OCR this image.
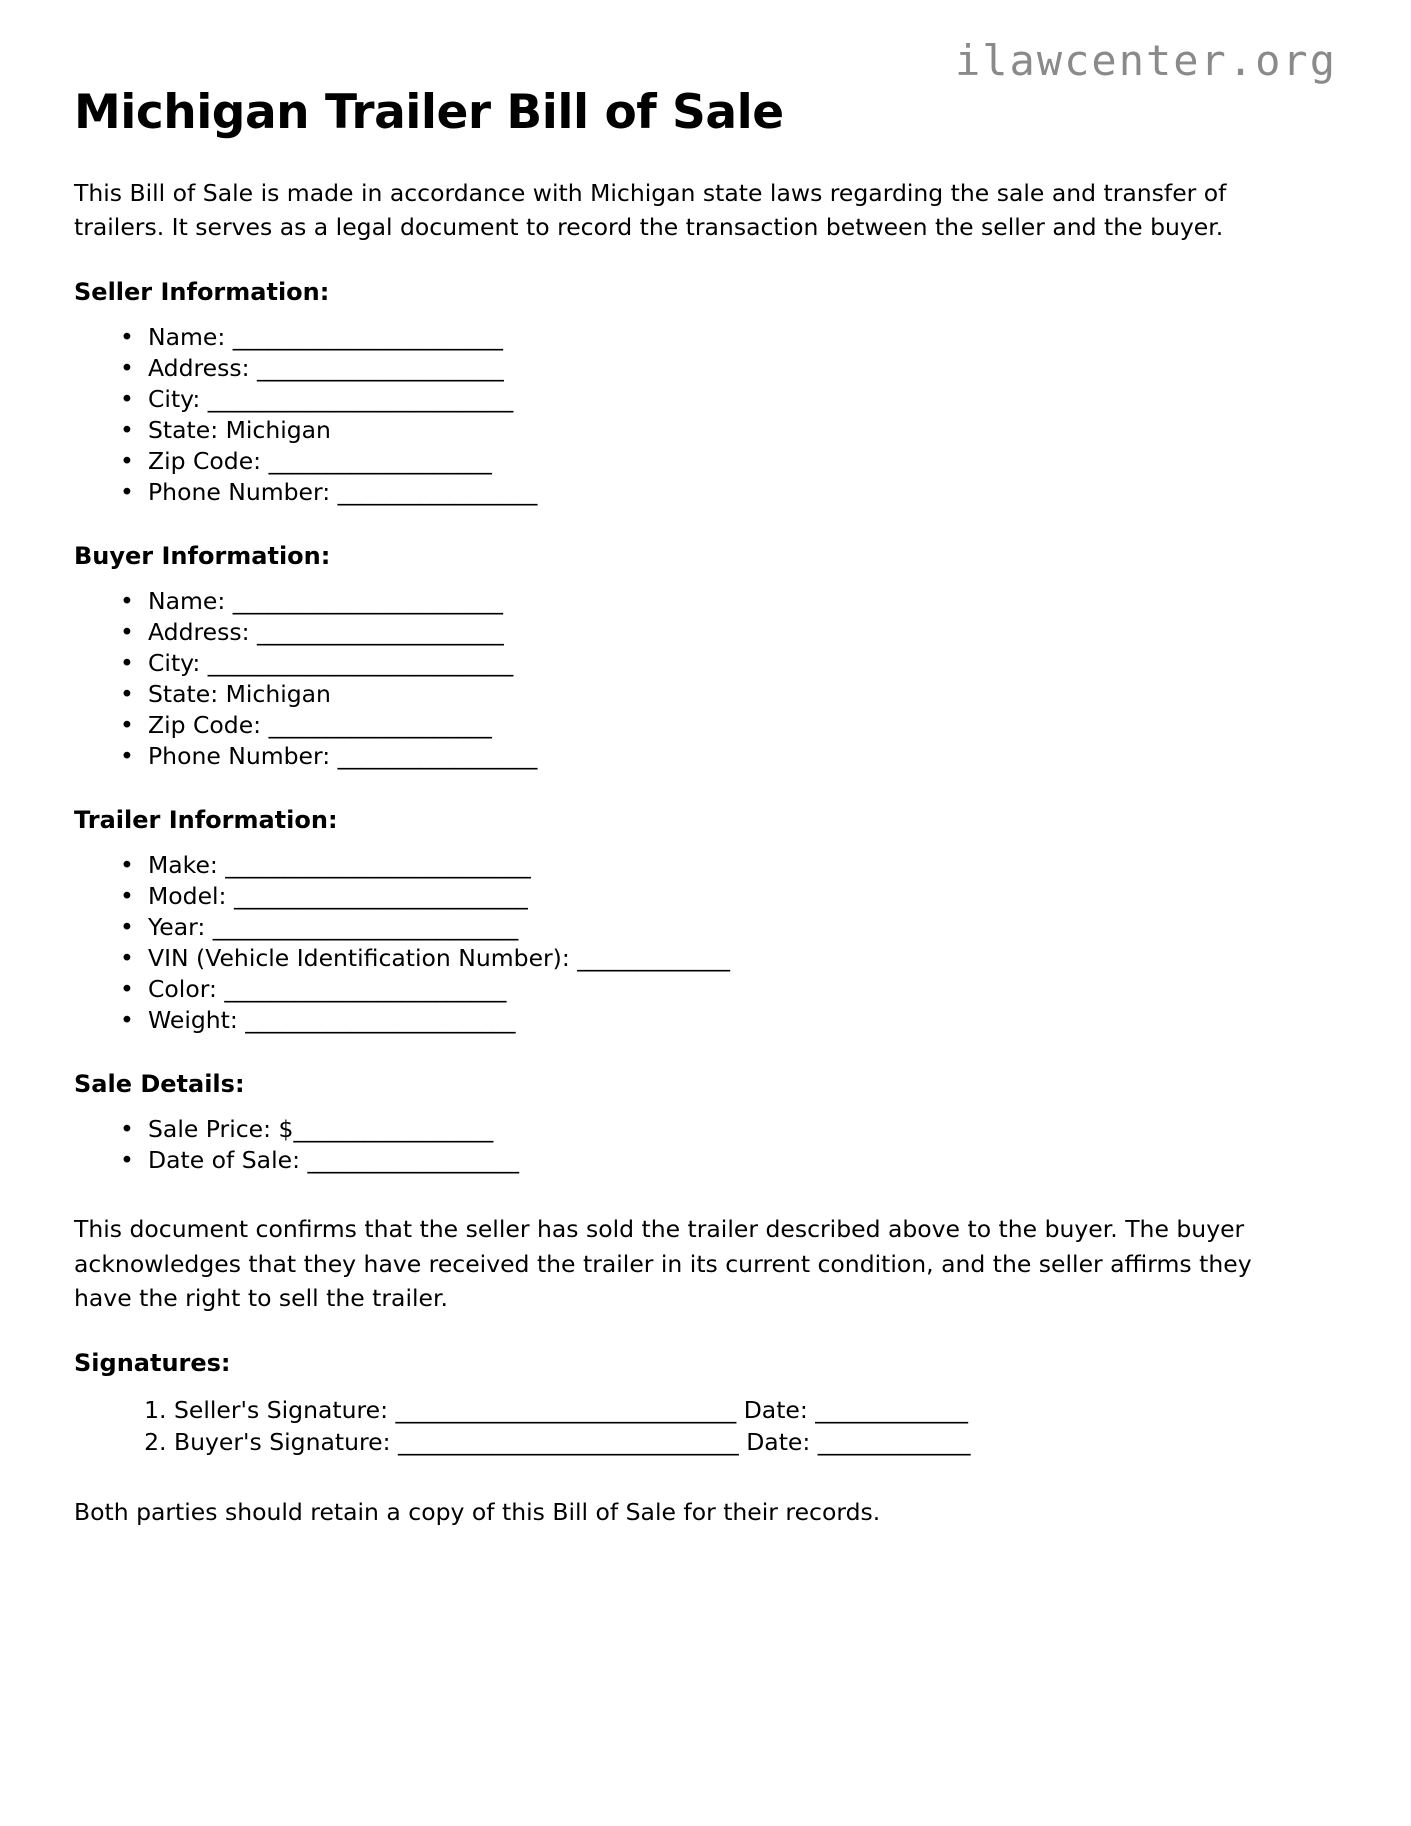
ilawcenter.org
Michigan Trailer Bill of Sale

This Bill of Sale is made in accordance with Michigan state laws regarding the sale and transfer of trailers. It serves as a legal document to record the transaction between the seller and the buyer.

Seller Information:
• Name: _______________________
• Address: _____________________
• City: __________________________
• State: Michigan
• Zip Code: ___________________
• Phone Number: _________________
Buyer Information:
• Name: _______________________
• Address: _____________________
• City: __________________________
• State: Michigan
• Zip Code: ___________________
• Phone Number: _________________
Trailer Information:
• Make: __________________________
• Model: _________________________
• Year: __________________________
• VIN (Vehicle Identification Number): _____________
• Color: ________________________
• Weight: _______________________
Sale Details:
• Sale Price: $_________________
• Date of Sale: __________________

This document confirms that the seller has sold the trailer described above to the buyer. The buyer acknowledges that they have received the trailer in its current condition, and the seller affirms they have the right to sell the trailer.

Signatures:
1. Seller's Signature: _____________________________ Date: _____________
2. Buyer's Signature: _____________________________ Date: _____________

Both parties should retain a copy of this Bill of Sale for their records.
